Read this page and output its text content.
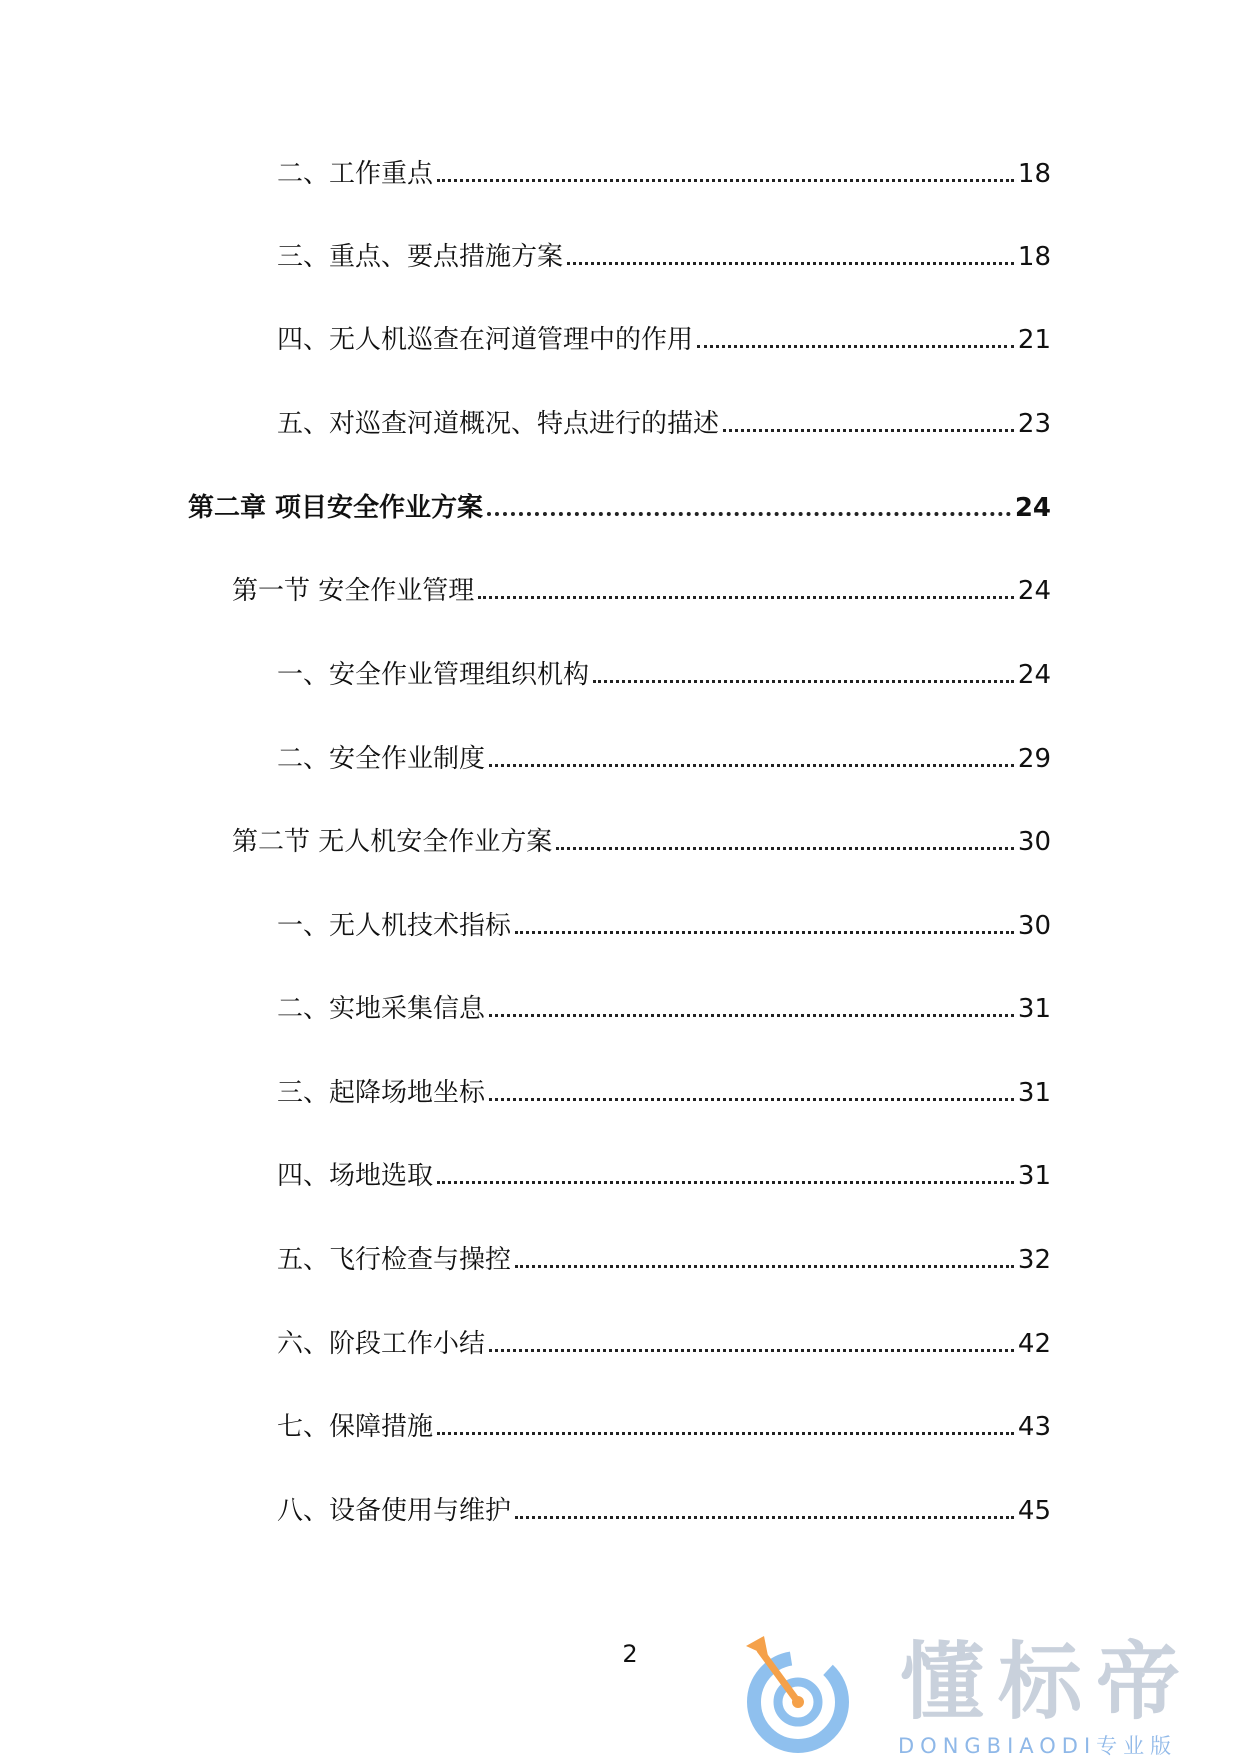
二、工作重点	18
三、重点、要点措施方案	18
四、无人机巡查在河道管理中的作用	21
五、对巡查河道概况、特点进行的描述	23
第二章 项目安全作业方案	24
第一节 安全作业管理	24
一、安全作业管理组织机构	24
二、安全作业制度	29
第二节 无人机安全作业方案	30
一、无人机技术指标	30
二、实地采集信息	31
三、起降场地坐标	31
四、场地选取	31
五、飞行检查与操控	32
六、阶段工作小结	42
七、保障措施	43
八、设备使用与维护	45
2	懂标帝
DONGBIAODI专业版
